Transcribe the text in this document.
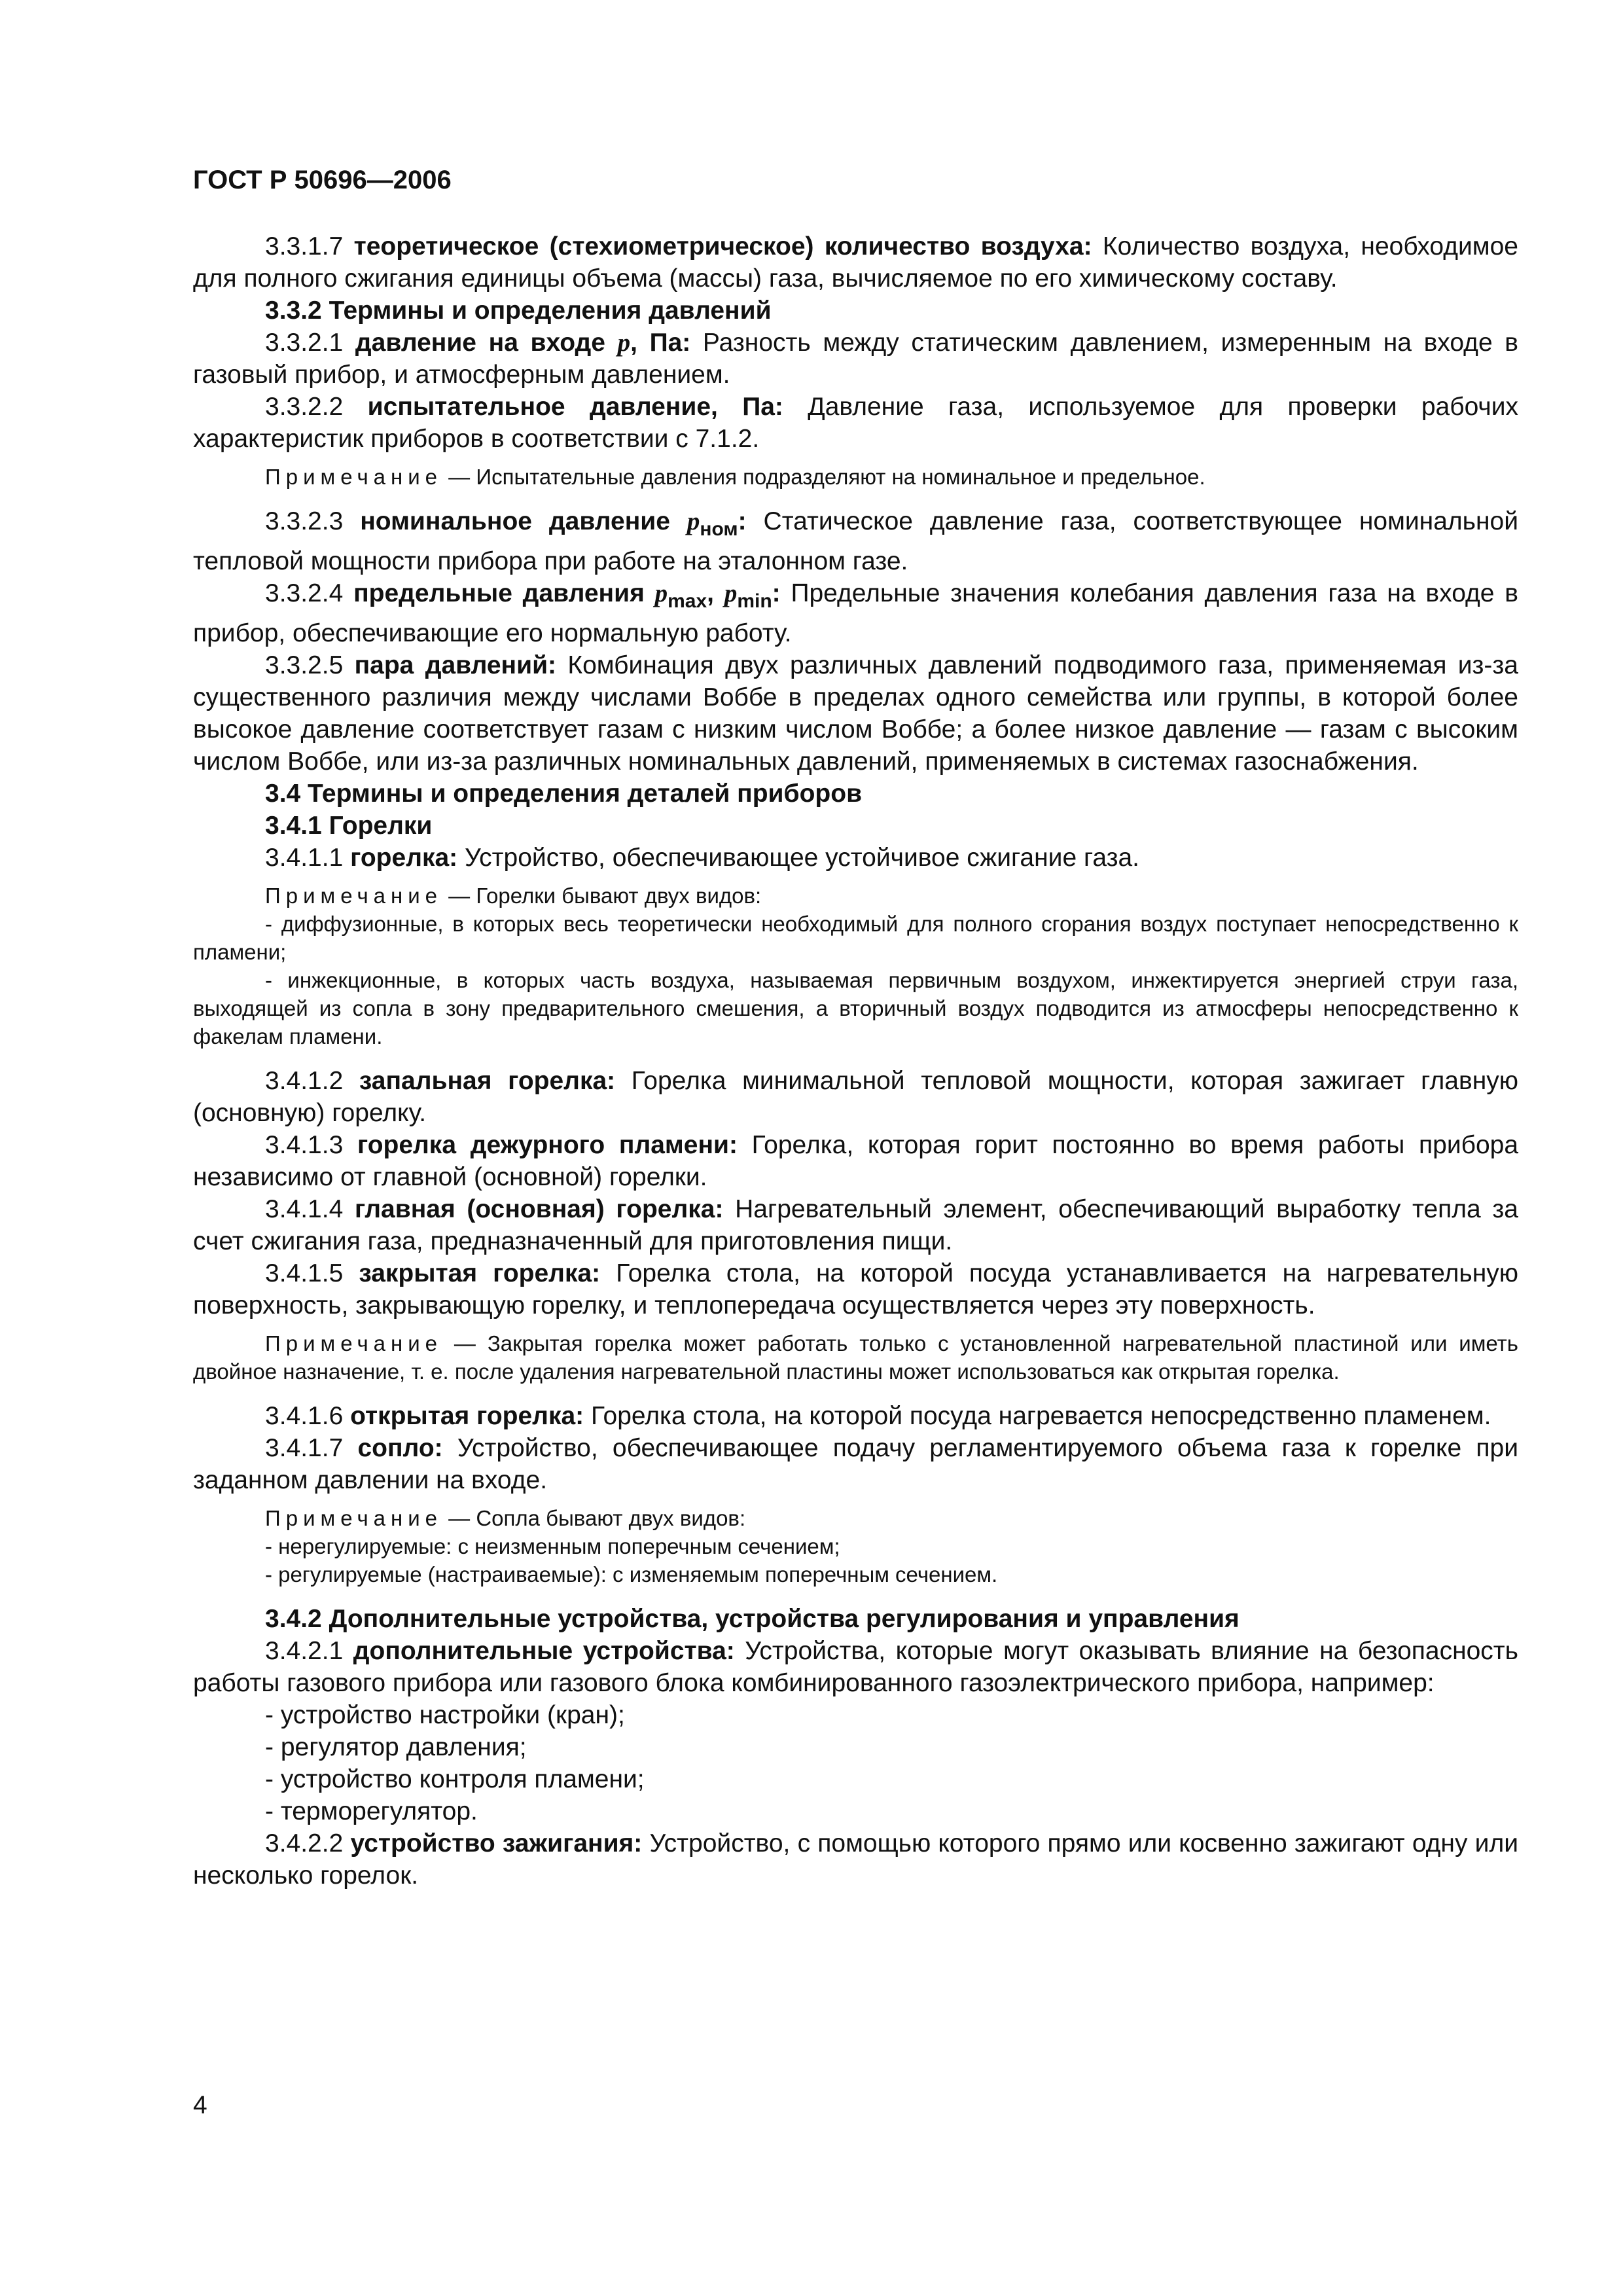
ГОСТ Р 50696—2006

3.3.1.7 теоретическое (стехиометрическое) количество воздуха: Количество воздуха, необходимое для полного сжигания единицы объема (массы) газа, вычисляемое по его химическому составу.

3.3.2 Термины и определения давлений

3.3.2.1 давление на входе p, Па: Разность между статическим давлением, измеренным на входе в газовый прибор, и атмосферным давлением.

3.3.2.2 испытательное давление, Па: Давление газа, используемое для проверки рабочих характеристик приборов в соответствии с 7.1.2.

Примечание — Испытательные давления подразделяют на номинальное и предельное.

3.3.2.3 номинальное давление $p_{ном}$: Статическое давление газа, соответствующее номинальной тепловой мощности прибора при работе на эталонном газе.

3.3.2.4 предельные давления $p_{max}$, $p_{min}$: Предельные значения колебания давления газа на входе в прибор, обеспечивающие его нормальную работу.

3.3.2.5 пара давлений: Комбинация двух различных давлений подводимого газа, применяемая из-за существенного различия между числами Воббе в пределах одного семейства или группы, в которой более высокое давление соответствует газам с низким числом Воббе; а более низкое давление — газам с высоким числом Воббе, или из-за различных номинальных давлений, применяемых в системах газоснабжения.

3.4 Термины и определения деталей приборов

3.4.1 Горелки

3.4.1.1 горелка: Устройство, обеспечивающее устойчивое сжигание газа.

Примечание — Горелки бывают двух видов:

- диффузионные, в которых весь теоретически необходимый для полного сгорания воздух поступает непосредственно к пламени;

- инжекционные, в которых часть воздуха, называемая первичным воздухом, инжектируется энергией струи газа, выходящей из сопла в зону предварительного смешения, а вторичный воздух подводится из атмосферы непосредственно к факелам пламени.

3.4.1.2 запальная горелка: Горелка минимальной тепловой мощности, которая зажигает главную (основную) горелку.

3.4.1.3 горелка дежурного пламени: Горелка, которая горит постоянно во время работы прибора независимо от главной (основной) горелки.

3.4.1.4 главная (основная) горелка: Нагревательный элемент, обеспечивающий выработку тепла за счет сжигания газа, предназначенный для приготовления пищи.

3.4.1.5 закрытая горелка: Горелка стола, на которой посуда устанавливается на нагревательную поверхность, закрывающую горелку, и теплопередача осуществляется через эту поверхность.

Примечание — Закрытая горелка может работать только с установленной нагревательной пластиной или иметь двойное назначение, т. е. после удаления нагревательной пластины может использоваться как открытая горелка.

3.4.1.6 открытая горелка: Горелка стола, на которой посуда нагревается непосредственно пламенем.

3.4.1.7 сопло: Устройство, обеспечивающее подачу регламентируемого объема газа к горелке при заданном давлении на входе.

Примечание — Сопла бывают двух видов:

- нерегулируемые: с неизменным поперечным сечением;

- регулируемые (настраиваемые): с изменяемым поперечным сечением.

3.4.2 Дополнительные устройства, устройства регулирования и управления

3.4.2.1 дополнительные устройства: Устройства, которые могут оказывать влияние на безопасность работы газового прибора или газового блока комбинированного газоэлектрического прибора, например:

- устройство настройки (кран);

- регулятор давления;

- устройство контроля пламени;

- терморегулятор.

3.4.2.2 устройство зажигания: Устройство, с помощью которого прямо или косвенно зажигают одну или несколько горелок.

4
